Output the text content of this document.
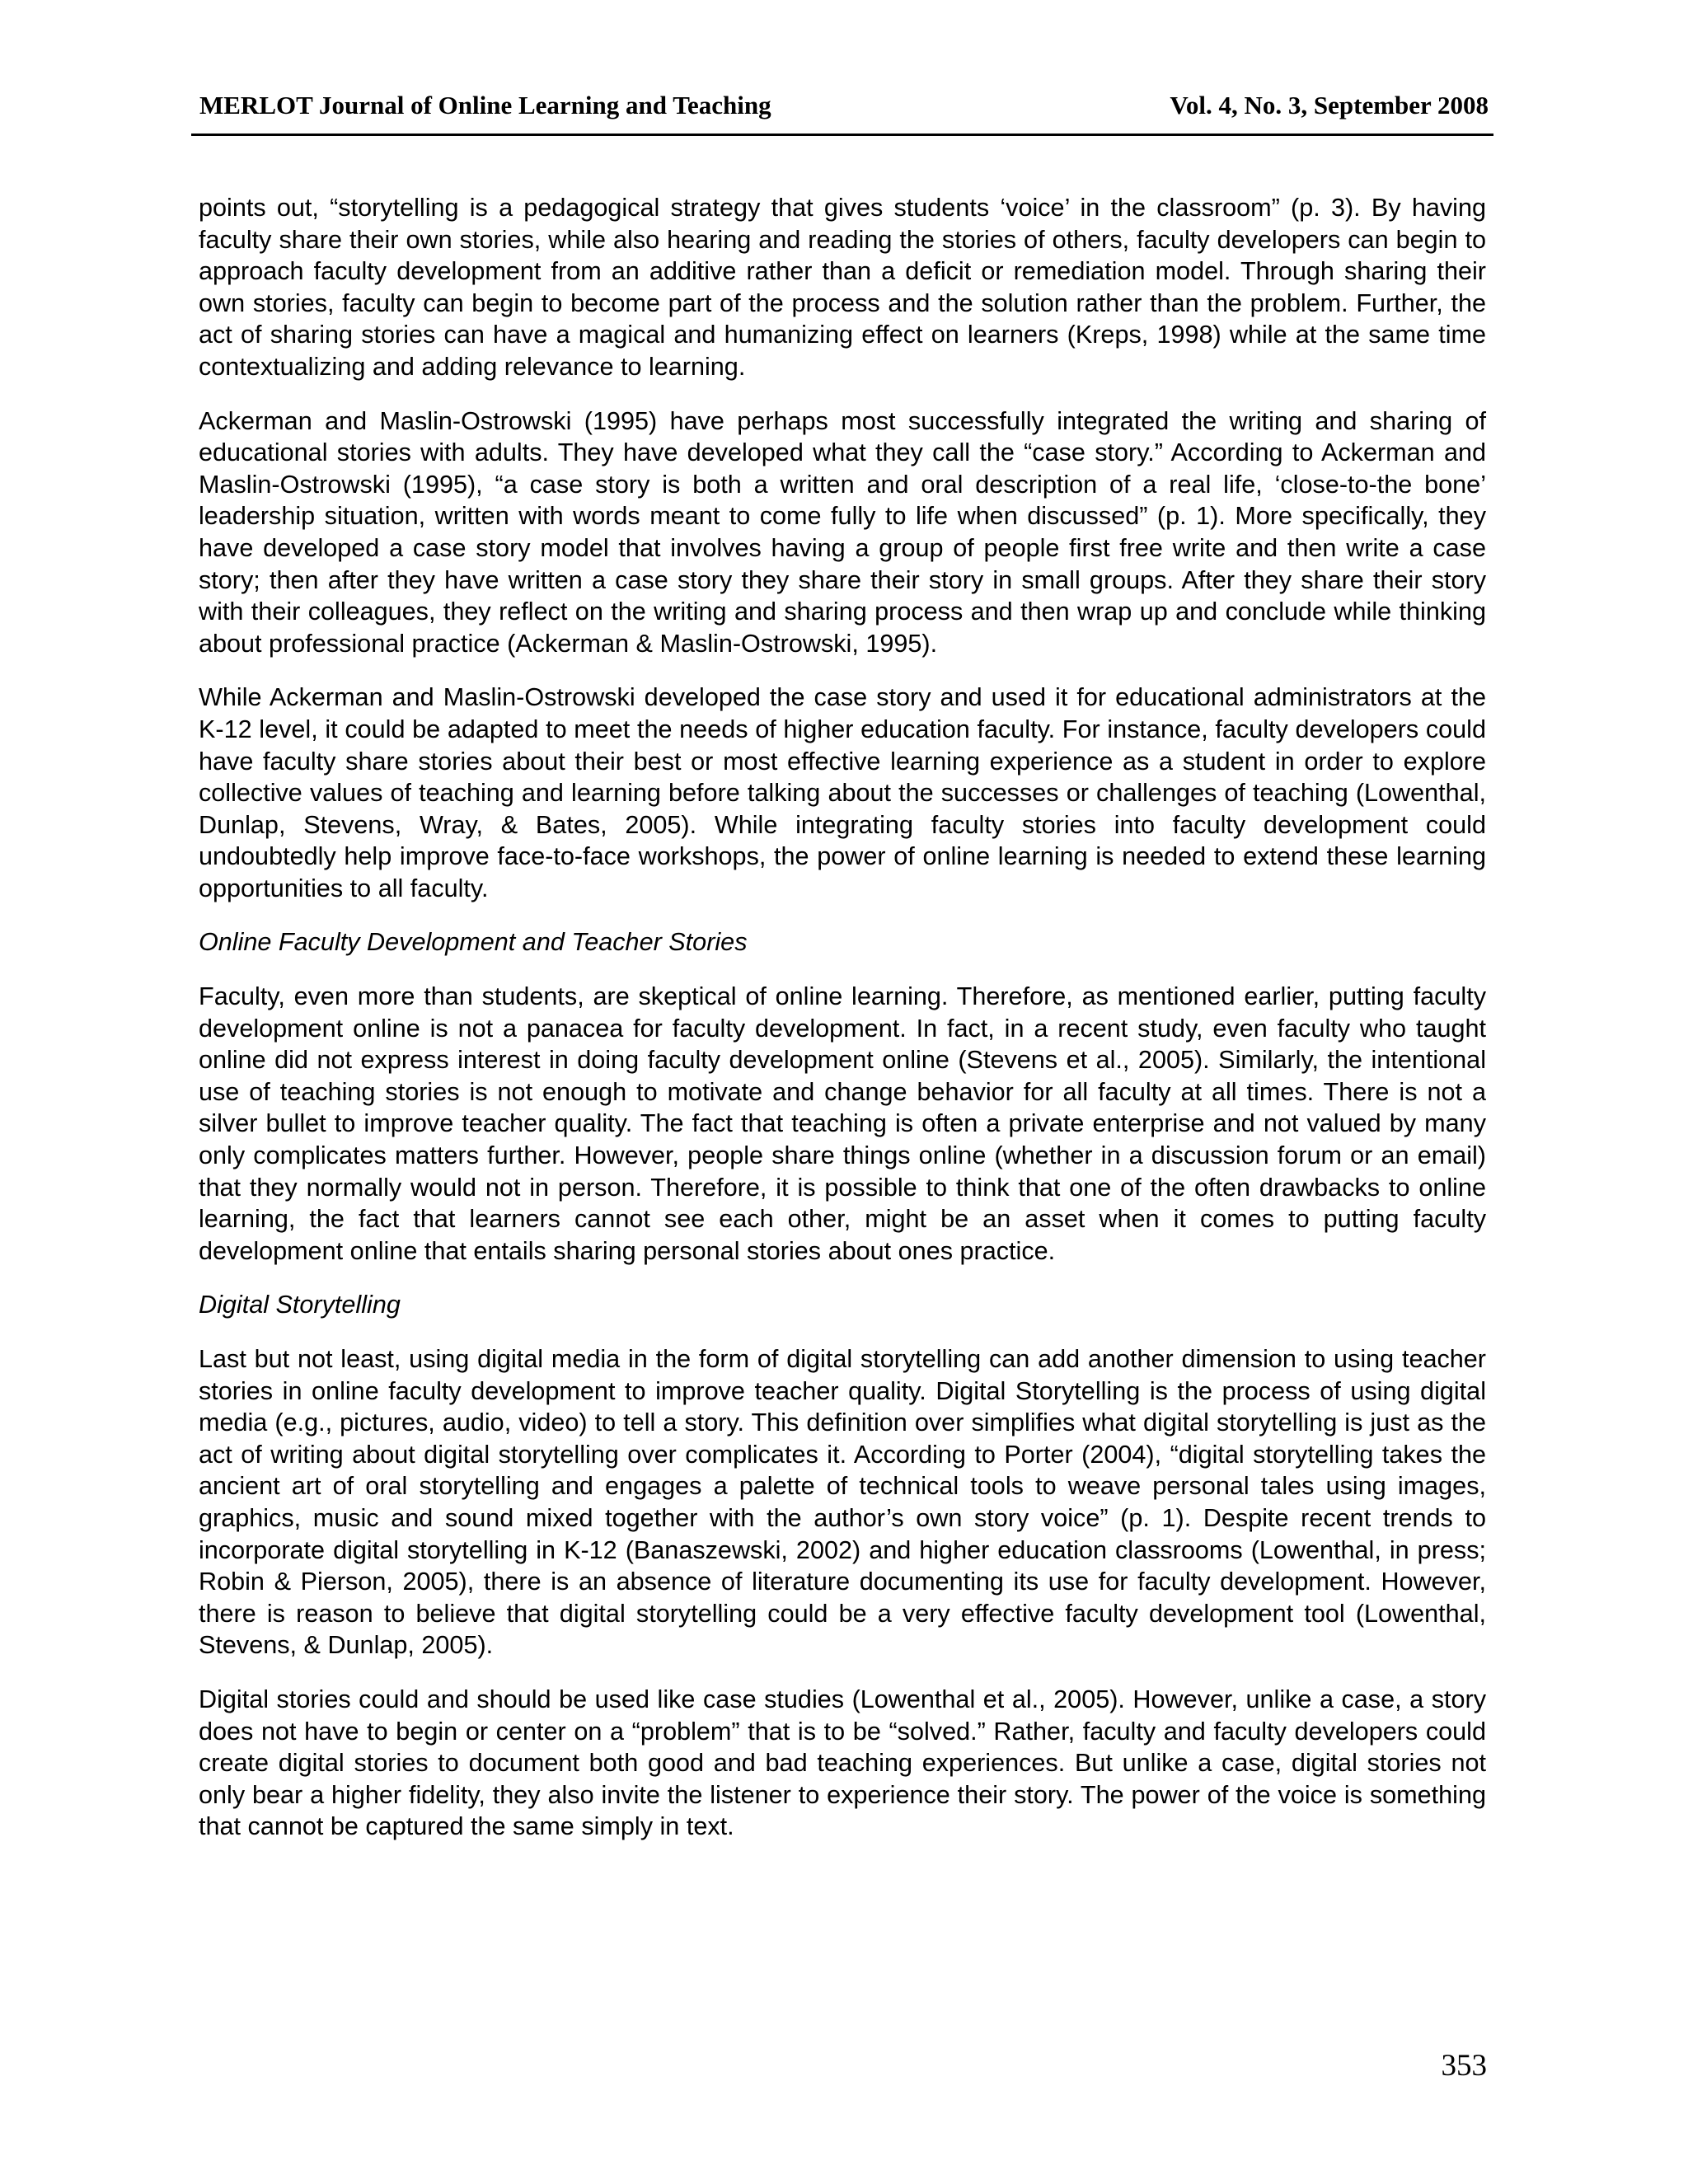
MERLOT Journal of Online Learning and Teaching	Vol. 4, No. 3, September 2008

points out, “storytelling is a pedagogical strategy that gives students ‘voice’ in the classroom” (p. 3). By having faculty share their own stories, while also hearing and reading the stories of others, faculty developers can begin to approach faculty development from an additive rather than a deficit or remediation model. Through sharing their own stories, faculty can begin to become part of the process and the solution rather than the problem. Further, the act of sharing stories can have a magical and humanizing effect on learners (Kreps, 1998) while at the same time contextualizing and adding relevance to learning.

Ackerman and Maslin-Ostrowski (1995) have perhaps most successfully integrated the writing and sharing of educational stories with adults. They have developed what they call the “case story.” According to Ackerman and Maslin-Ostrowski (1995), “a case story is both a written and oral description of a real life, ‘close-to-the bone’ leadership situation, written with words meant to come fully to life when discussed” (p. 1). More specifically, they have developed a case story model that involves having a group of people first free write and then write a case story; then after they have written a case story they share their story in small groups. After they share their story with their colleagues, they reflect on the writing and sharing process and then wrap up and conclude while thinking about professional practice (Ackerman & Maslin-Ostrowski, 1995).

While Ackerman and Maslin-Ostrowski developed the case story and used it for educational administrators at the K-12 level, it could be adapted to meet the needs of higher education faculty. For instance, faculty developers could have faculty share stories about their best or most effective learning experience as a student in order to explore collective values of teaching and learning before talking about the successes or challenges of teaching (Lowenthal, Dunlap, Stevens, Wray, & Bates, 2005). While integrating faculty stories into faculty development could undoubtedly help improve face-to-face workshops, the power of online learning is needed to extend these learning opportunities to all faculty.

Online Faculty Development and Teacher Stories

Faculty, even more than students, are skeptical of online learning. Therefore, as mentioned earlier, putting faculty development online is not a panacea for faculty development. In fact, in a recent study, even faculty who taught online did not express interest in doing faculty development online (Stevens et al., 2005). Similarly, the intentional use of teaching stories is not enough to motivate and change behavior for all faculty at all times. There is not a silver bullet to improve teacher quality. The fact that teaching is often a private enterprise and not valued by many only complicates matters further. However, people share things online (whether in a discussion forum or an email) that they normally would not in person. Therefore, it is possible to think that one of the often drawbacks to online learning, the fact that learners cannot see each other, might be an asset when it comes to putting faculty development online that entails sharing personal stories about ones practice.

Digital Storytelling

Last but not least, using digital media in the form of digital storytelling can add another dimension to using teacher stories in online faculty development to improve teacher quality. Digital Storytelling is the process of using digital media (e.g., pictures, audio, video) to tell a story. This definition over simplifies what digital storytelling is just as the act of writing about digital storytelling over complicates it. According to Porter (2004), “digital storytelling takes the ancient art of oral storytelling and engages a palette of technical tools to weave personal tales using images, graphics, music and sound mixed together with the author’s own story voice” (p. 1). Despite recent trends to incorporate digital storytelling in K-12 (Banaszewski, 2002) and higher education classrooms (Lowenthal, in press; Robin & Pierson, 2005), there is an absence of literature documenting its use for faculty development. However, there is reason to believe that digital storytelling could be a very effective faculty development tool (Lowenthal, Stevens, & Dunlap, 2005).

Digital stories could and should be used like case studies (Lowenthal et al., 2005). However, unlike a case, a story does not have to begin or center on a “problem” that is to be “solved.” Rather, faculty and faculty developers could create digital stories to document both good and bad teaching experiences. But unlike a case, digital stories not only bear a higher fidelity, they also invite the listener to experience their story. The power of the voice is something that cannot be captured the same simply in text.

353
